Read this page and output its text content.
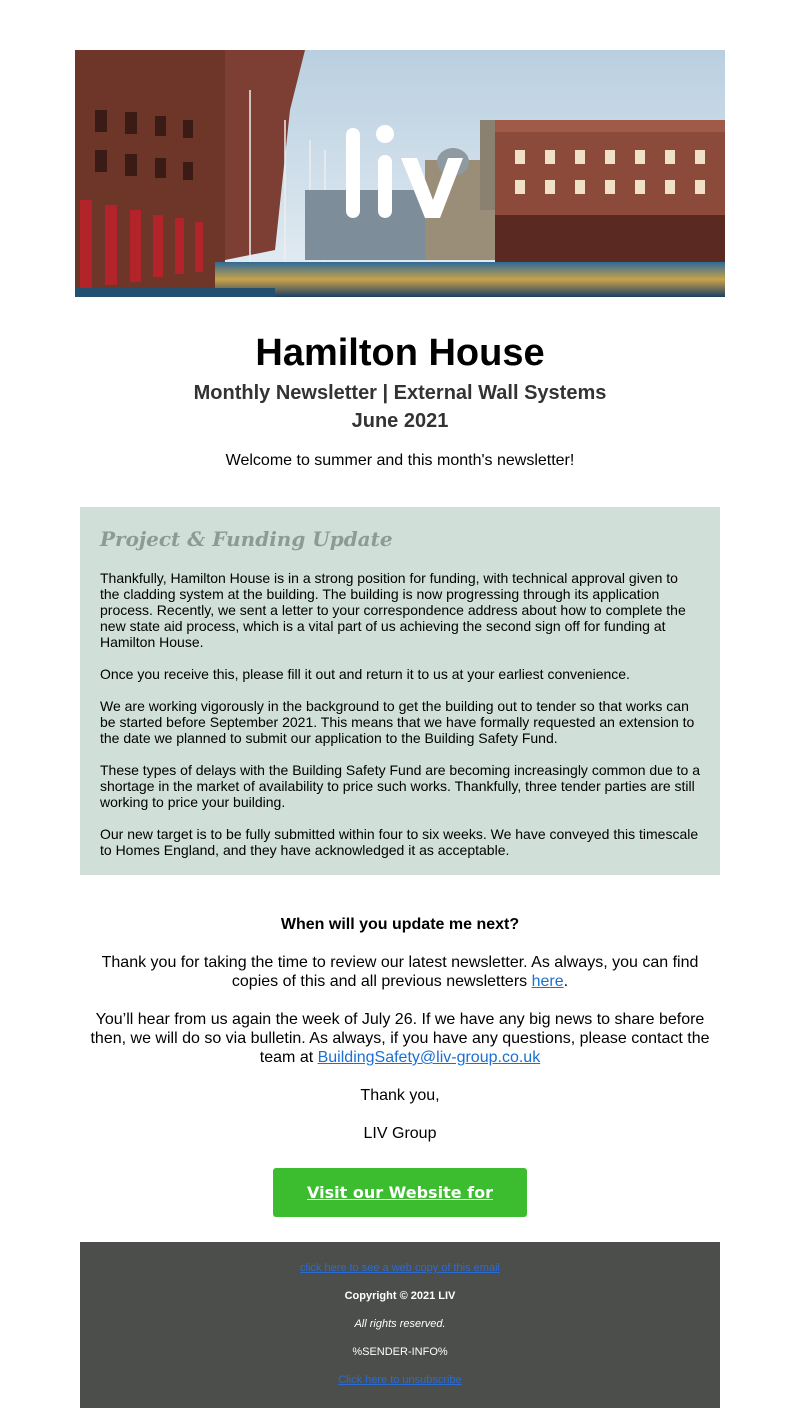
Hamilton House
Monthly Newsletter | External Wall Systems
June 2021
Welcome to summer and this month's newsletter!
Project & Funding Update

Thankfully, Hamilton House is in a strong position for funding, with technical approval given to the cladding system at the building. The building is now progressing through its application process. Recently, we sent a letter to your correspondence address about how to complete the new state aid process, which is a vital part of us achieving the second sign off for funding at Hamilton House.

Once you receive this, please fill it out and return it to us at your earliest convenience.

We are working vigorously in the background to get the building out to tender so that works can be started before September 2021. This means that we have formally requested an extension to the date we planned to submit our application to the Building Safety Fund.

These types of delays with the Building Safety Fund are becoming increasingly common due to a shortage in the market of availability to price such works. Thankfully, three tender parties are still working to price your building.

Our new target is to be fully submitted within four to six weeks. We have conveyed this timescale to Homes England, and they have acknowledged it as acceptable.

When will you update me next?
Thank you for taking the time to review our latest newsletter. As always, you can find copies of this and all previous newsletters here.
You’ll hear from us again the week of July 26. If we have any big news to share before then, we will do so via bulletin. As always, if you have any questions, please contact the team at BuildingSafety@liv-group.co.uk
Thank you,
LIV Group
Visit our Website for
click here to see a web copy of this email
Copyright © 2021 LIV
All rights reserved.
%SENDER-INFO%
Click here to unsubscribe
